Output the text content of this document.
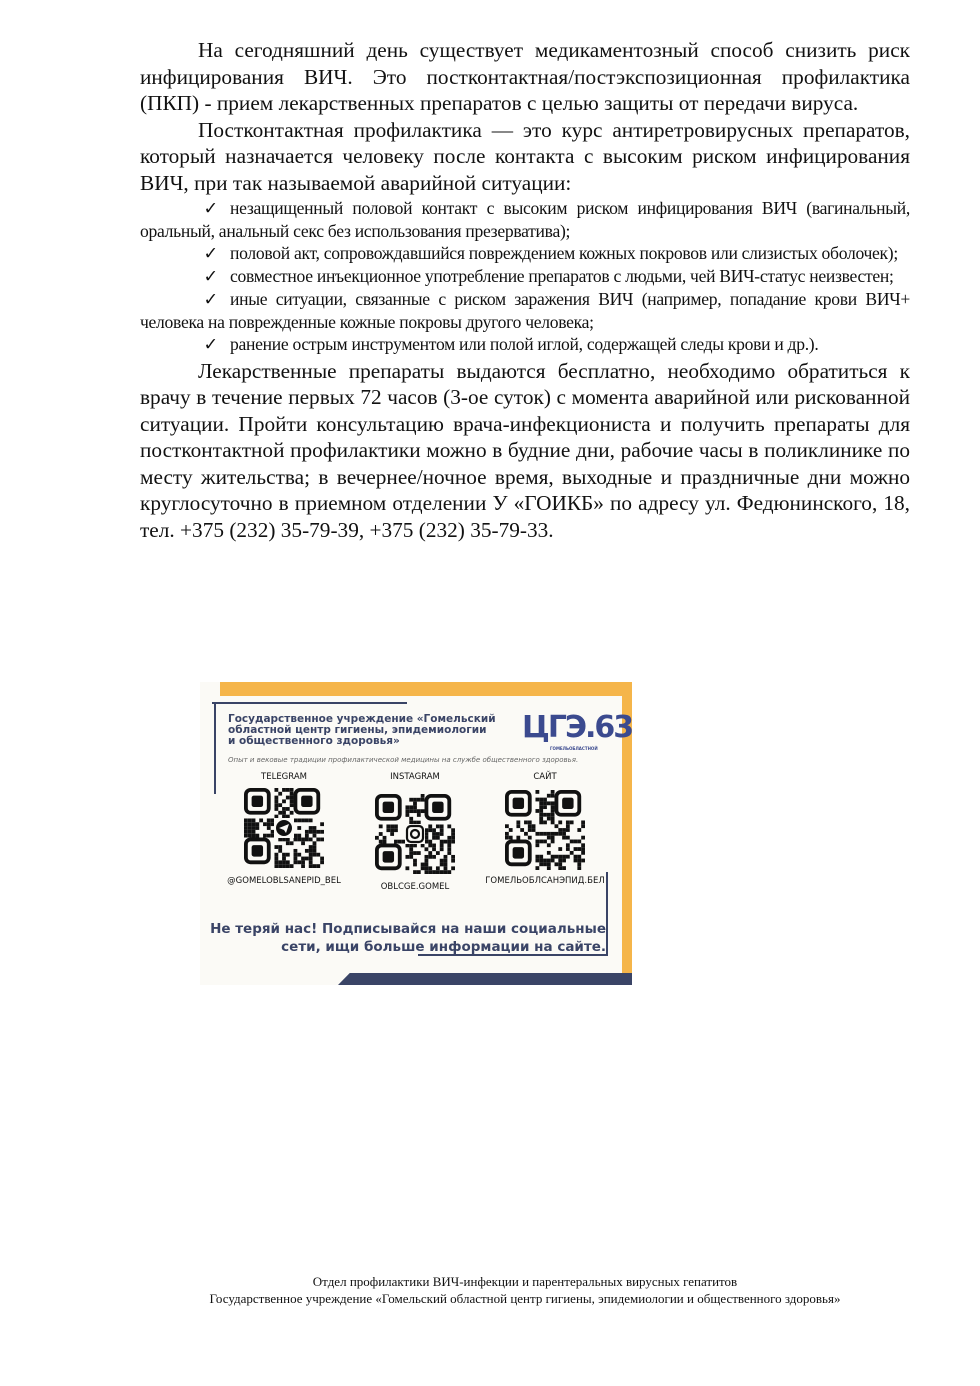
На сегодняшний день существует медикаментозный способ снизить риск инфицирования ВИЧ. Это постконтактная/постэкспозиционная профилактика (ПКП) - прием лекарственных препаратов с целью защиты от передачи вируса.

Постконтактная профилактика — это курс антиретровирусных препаратов, который назначается человеку после контакта с высоким риском инфицирования ВИЧ, при так называемой аварийной ситуации:

✓ незащищенный половой контакт с высоким риском инфицирования ВИЧ (вагинальный, оральный, анальный секс без использования презерватива);

✓ половой акт, сопровождавшийся повреждением кожных покровов или слизистых оболочек);

✓ совместное инъекционное употребление препаратов с людьми, чей ВИЧ-статус неизвестен;

✓ иные ситуации, связанные с риском заражения ВИЧ (например, попадание крови ВИЧ+ человека на поврежденные кожные покровы другого человека;

✓ ранение острым инструментом или полой иглой, содержащей следы крови и др.).

Лекарственные препараты выдаются бесплатно, необходимо обратиться к врачу в течение первых 72 часов (3-ое суток) с момента аварийной или рискованной ситуации. Пройти консультацию врача-инфекциониста и получить препараты для постконтактной профилактики можно в будние дни, рабочие часы в поликлинике по месту жительства; в вечернее/ночное время, выходные и праздничные дни можно круглосуточно в приемном отделении У «ГОИКБ» по адресу ул. Федюнинского, 18, тел. +375 (232) 35-79-39, +375 (232) 35-79-33.

Государственное учреждение «Гомельский
областной центр гигиены, эпидемиологии
и общественного здоровья»	ЦГЭ.63
ГОМЕЛЬОБЛАСТНОЙ
Опыт и вековые традиции профилактической медицины на службе общественного здоровья.
TELEGRAM
@GOMELOBLSANEPID_BEL
INSTAGRAM
OBLCGE.GOMEL
САЙТ
ГОМЕЛЬОБЛСАНЭПИД.БЕЛ
Не теряй нас! Подписывайся на наши социальные
сети, ищи больше информации на сайте.
Отдел профилактики ВИЧ-инфекции и парентеральных вирусных гепатитов
Государственное учреждение «Гомельский областной центр гигиены, эпидемиологии и общественного здоровья»
